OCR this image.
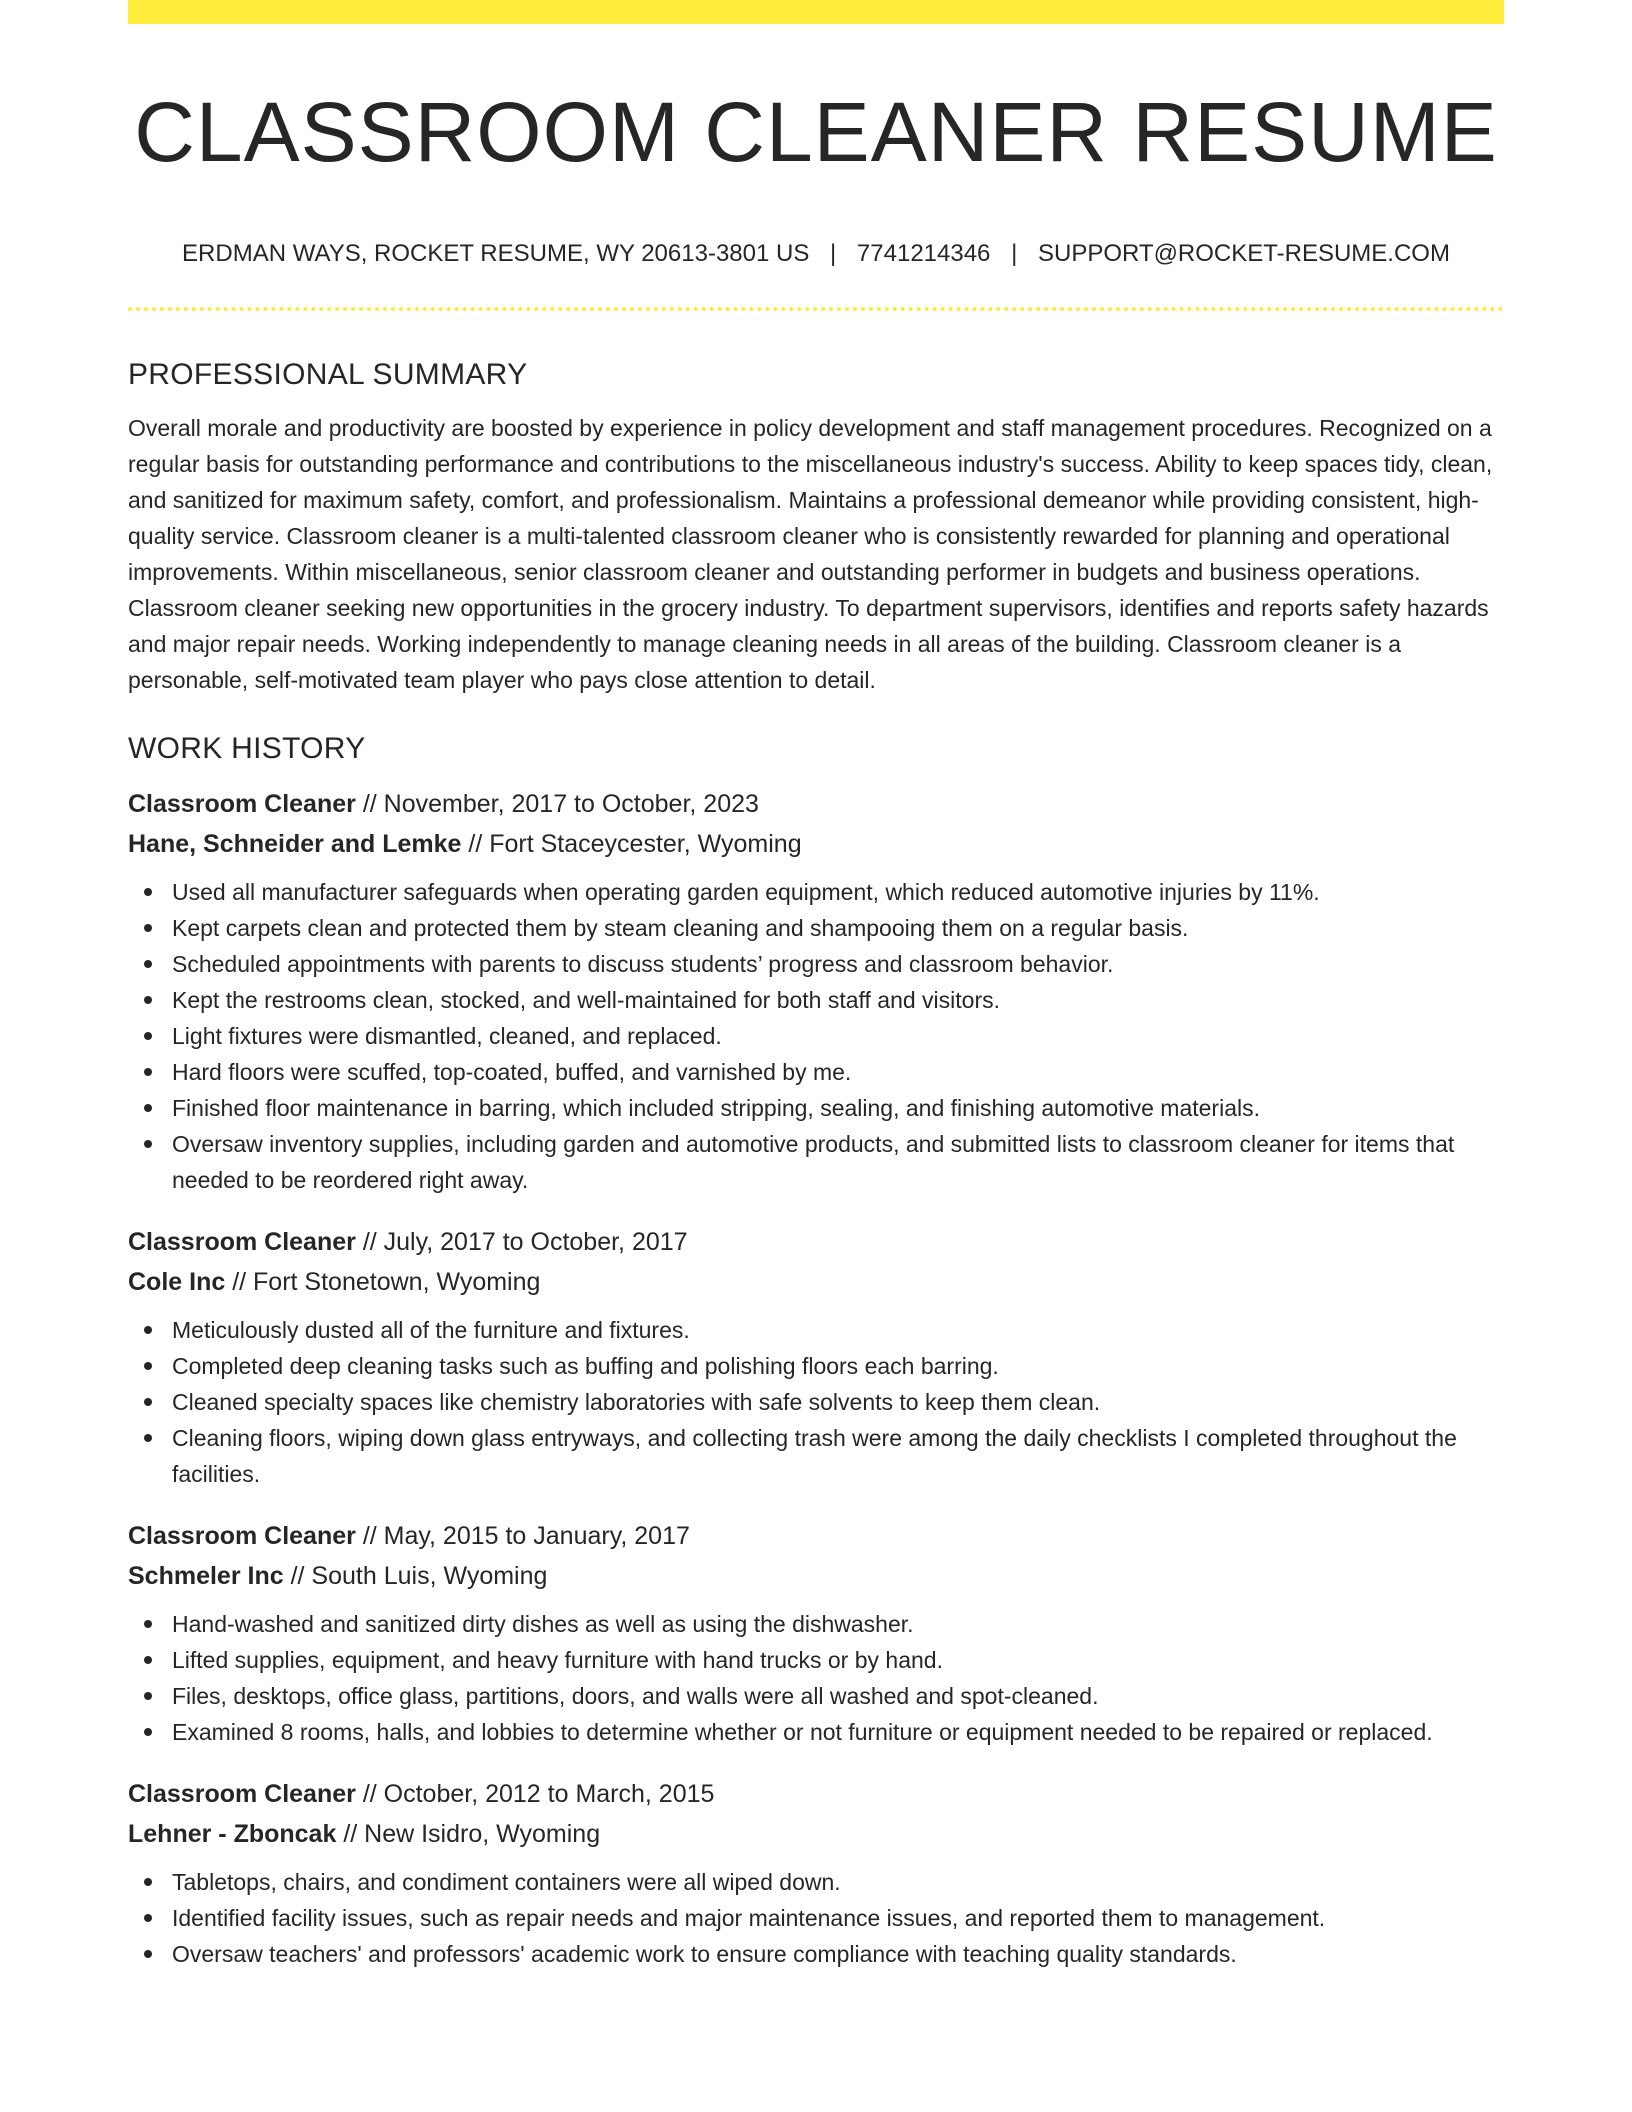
CLASSROOM CLEANER RESUME
ERDMAN WAYS, ROCKET RESUME, WY 20613-3801 US | 7741214346 | SUPPORT@ROCKET-RESUME.COM
PROFESSIONAL SUMMARY

Overall morale and productivity are boosted by experience in policy development and staff management procedures. Recognized on a regular basis for outstanding performance and contributions to the miscellaneous industry's success. Ability to keep spaces tidy, clean, and sanitized for maximum safety, comfort, and professionalism. Maintains a professional demeanor while providing consistent, high-quality service. Classroom cleaner is a multi-talented classroom cleaner who is consistently rewarded for planning and operational improvements. Within miscellaneous, senior classroom cleaner and outstanding performer in budgets and business operations. Classroom cleaner seeking new opportunities in the grocery industry. To department supervisors, identifies and reports safety hazards and major repair needs. Working independently to manage cleaning needs in all areas of the building. Classroom cleaner is a personable, self-motivated team player who pays close attention to detail.

WORK HISTORY

Classroom Cleaner // November, 2017 to October, 2023

Hane, Schneider and Lemke // Fort Staceycester, Wyoming

Used all manufacturer safeguards when operating garden equipment, which reduced automotive injuries by 11%.
Kept carpets clean and protected them by steam cleaning and shampooing them on a regular basis.
Scheduled appointments with parents to discuss students’ progress and classroom behavior.
Kept the restrooms clean, stocked, and well-maintained for both staff and visitors.
Light fixtures were dismantled, cleaned, and replaced.
Hard floors were scuffed, top-coated, buffed, and varnished by me.
Finished floor maintenance in barring, which included stripping, sealing, and finishing automotive materials.
Oversaw inventory supplies, including garden and automotive products, and submitted lists to classroom cleaner for items that needed to be reordered right away.

Classroom Cleaner // July, 2017 to October, 2017

Cole Inc // Fort Stonetown, Wyoming

Meticulously dusted all of the furniture and fixtures.
Completed deep cleaning tasks such as buffing and polishing floors each barring.
Cleaned specialty spaces like chemistry laboratories with safe solvents to keep them clean.
Cleaning floors, wiping down glass entryways, and collecting trash were among the daily checklists I completed throughout the facilities.

Classroom Cleaner // May, 2015 to January, 2017

Schmeler Inc // South Luis, Wyoming

Hand-washed and sanitized dirty dishes as well as using the dishwasher.
Lifted supplies, equipment, and heavy furniture with hand trucks or by hand.
Files, desktops, office glass, partitions, doors, and walls were all washed and spot-cleaned.
Examined 8 rooms, halls, and lobbies to determine whether or not furniture or equipment needed to be repaired or replaced.

Classroom Cleaner // October, 2012 to March, 2015

Lehner - Zboncak // New Isidro, Wyoming

Tabletops, chairs, and condiment containers were all wiped down.
Identified facility issues, such as repair needs and major maintenance issues, and reported them to management.
Oversaw teachers' and professors' academic work to ensure compliance with teaching quality standards.
